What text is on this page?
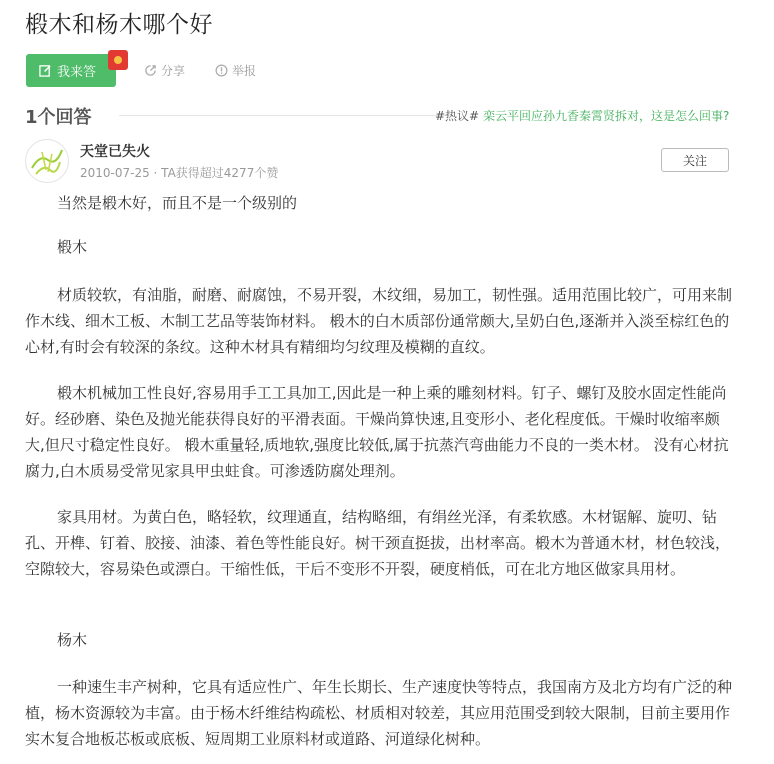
椴木和杨木哪个好
我来答	分享	举报
1个回答	#热议# 栾云平回应孙九香秦霄贤拆对，这是怎么回事?
天堂已失火
2010-07-25 · TA获得超过4277个赞
关注

当然是椴木好，而且不是一个级别的

椴木

材质较软，有油脂，耐磨、耐腐蚀，不易开裂，木纹细，易加工，韧性强。适用范围比较广，可用来制作木线、细木工板、木制工艺品等装饰材料。 椴木的白木质部份通常颇大,呈奶白色,逐渐并入淡至棕红色的心材,有时会有较深的条纹。这种木材具有精细均匀纹理及模糊的直纹。

椴木机械加工性良好,容易用手工工具加工,因此是一种上乘的雕刻材料。钉子、螺钉及胶水固定性能尚好。经砂磨、染色及抛光能获得良好的平滑表面。干燥尚算快速,且变形小、老化程度低。干燥时收缩率颇大,但尺寸稳定性良好。 椴木重量轻,质地软,强度比较低,属于抗蒸汽弯曲能力不良的一类木材。 没有心材抗腐力,白木质易受常见家具甲虫蛀食。可渗透防腐处理剂。

家具用材。为黄白色，略轻软，纹理通直，结构略细，有绢丝光泽，有柔软感。木材锯解、旋叨、钻孔、开榫、钉着、胶接、油漆、着色等性能良好。树干颈直挺拔，出材率高。椴木为普通木材，材色较浅，空隙较大，容易染色或漂白。干缩性低，干后不变形不开裂，硬度梢低，可在北方地区做家具用材。

杨木

一种速生丰产树种，它具有适应性广、年生长期长、生产速度快等特点，我国南方及北方均有广泛的种植，杨木资源较为丰富。由于杨木纤维结构疏松、材质相对较差，其应用范围受到较大限制，目前主要用作实木复合地板芯板或底板、短周期工业原料材或道路、河道绿化树种。
